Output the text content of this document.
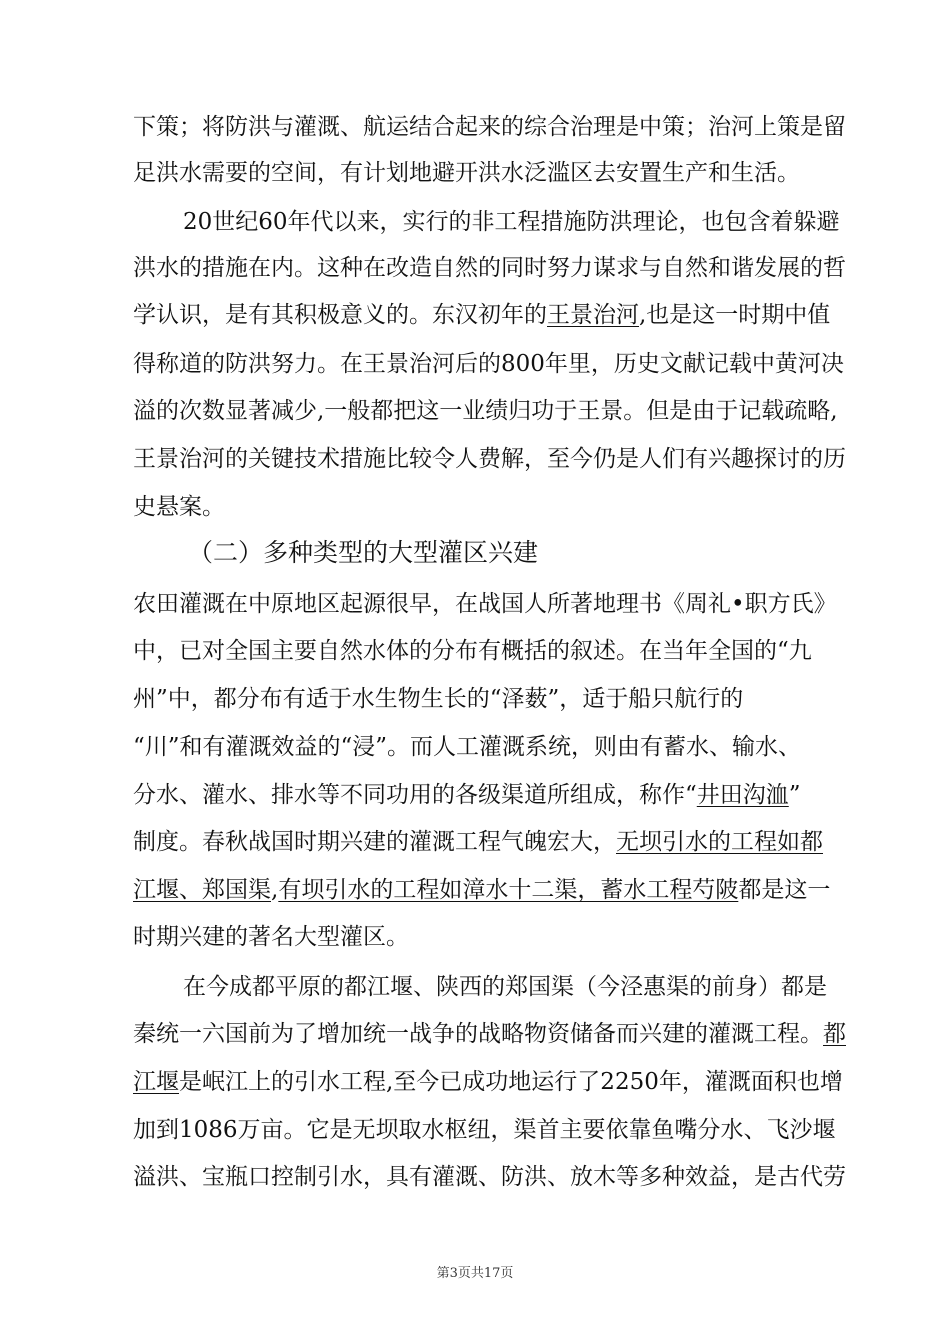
下策；将防洪与灌溉、航运结合起来的综合治理是中策；治河上策是留
足洪水需要的空间，有计划地避开洪水泛滥区去安置生产和生活。
20世纪60年代以来，实行的非工程措施防洪理论，也包含着躲避
洪水的措施在内。这种在改造自然的同时努力谋求与自然和谐发展的哲
学认识，是有其积极意义的。东汉初年的王景治河,也是这一时期中值
得称道的防洪努力。在王景治河后的800年里，历史文献记载中黄河决
溢的次数显著减少,一般都把这一业绩归功于王景。但是由于记载疏略,
王景治河的关键技术措施比较令人费解，至今仍是人们有兴趣探讨的历
史悬案。
（二）多种类型的大型灌区兴建
农田灌溉在中原地区起源很早，在战国人所著地理书《周礼•职方氏》
中，已对全国主要自然水体的分布有概括的叙述。在当年全国的“九
州”中，都分布有适于水生物生长的“泽薮”，适于船只航行的
“川”和有灌溉效益的“浸”。而人工灌溉系统，则由有蓄水、输水、
分水、灌水、排水等不同功用的各级渠道所组成，称作“井田沟洫”
制度。春秋战国时期兴建的灌溉工程气魄宏大，无坝引水的工程如都
江堰、郑国渠,有坝引水的工程如漳水十二渠，蓄水工程芍陂都是这一
时期兴建的著名大型灌区。
在今成都平原的都江堰、陕西的郑国渠（今泾惠渠的前身）都是
秦统一六国前为了增加统一战争的战略物资储备而兴建的灌溉工程。都
江堰是岷江上的引水工程,至今已成功地运行了2250年，灌溉面积也增
加到1086万亩。它是无坝取水枢纽，渠首主要依靠鱼嘴分水、飞沙堰
溢洪、宝瓶口控制引水，具有灌溉、防洪、放木等多种效益，是古代劳
第3页共17页
